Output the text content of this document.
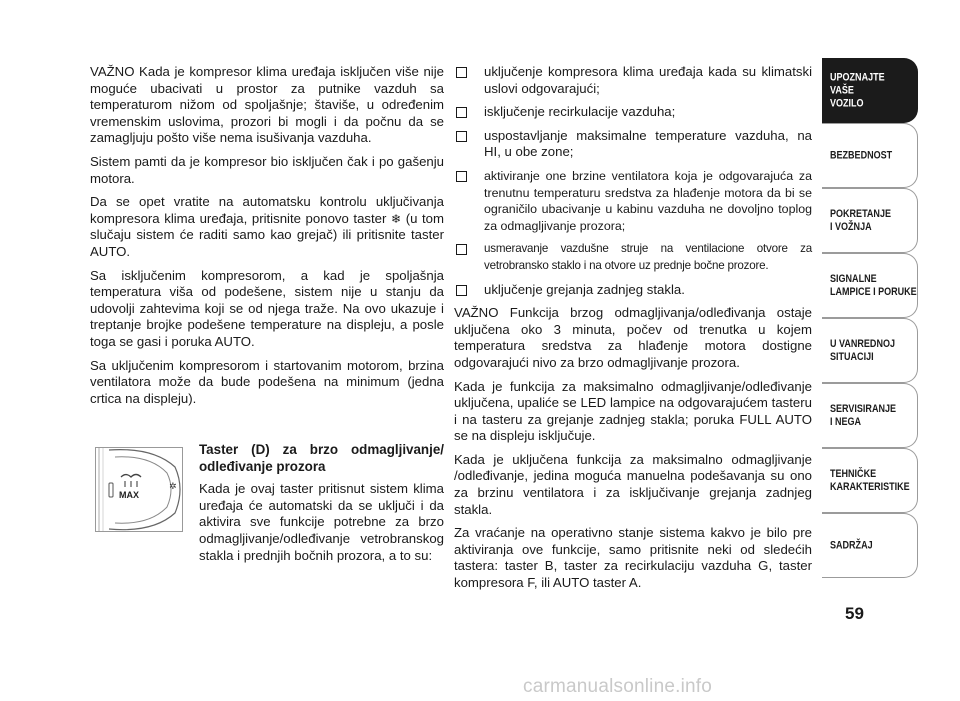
VAŽNO Kada je kompresor klima uređaja isključen više nije moguće ubacivati u prostor za putnike vazduh sa temperaturom nižom od spoljašnje; štaviše, u određenim vremenskim uslovima, prozori bi mogli i da počnu da se zamagljuju pošto više nema isušivanja vazduha.

Sistem pamti da je kompresor bio isključen čak i po gašenju motora.

Da se opet vratite na automatsku kontrolu uključivanja kompresora klima uređaja, pritisnite ponovo taster ❄ (u tom slučaju sistem će raditi samo kao grejač) ili pritisnite taster AUTO.

Sa isključenim kompresorom, a kad je spoljašnja temperatura viša od podešene, sistem nije u stanju da udovolji zahtevima koji se od njega traže. Na ovo ukazuje i treptanje brojke podešene temperature na displeju, a posle toga se gasi i poruka AUTO.

Sa uključenim kompresorom i startovanim motorom, brzina ventilatora može da bude podešena na minimum (jedna crtica na displeju).

MAX
✲
Taster (D) za brzo odmagljivanje/ odleđivanje prozora

Kada je ovaj taster pritisnut sistem klima uređaja će automatski da se uključi i da aktivira sve funkcije potrebne za brzo odmagljivanje/odleđivanje vetrobranskog stakla i prednjih bočnih prozora, a to su:

uključenje kompresora klima uređaja kada su klimatski uslovi odgovarajući;
isključenje recirkulacije vazduha;
uspostavljanje maksimalne temperature vazduha, na HI, u obe zone;
aktiviranje one brzine ventilatora koja je odgovarajuća za trenutnu temperaturu sredstva za hlađenje motora da bi se ograničilo ubacivanje u kabinu vazduha ne dovoljno toplog za odmagljivanje prozora;
usmeravanje vazdušne struje na ventilacione otvore za vetrobransko staklo i na otvore uz prednje bočne prozore.
uključenje grejanja zadnjeg stakla.

VAŽNO Funkcija brzog odmagljivanja/odleđivanja ostaje uključena oko 3 minuta, počev od trenutka u kojem temperatura sredstva za hlađenje motora dostigne odgovarajući nivo za brzo odmagljivanje prozora.

Kada je funkcija za maksimalno odmagljivanje/odleđivanje uključena, upaliće se LED lampice na odgovarajućem tasteru i na tasteru za grejanje zadnjeg stakla; poruka FULL AUTO se na displeju isključuje.

Kada je uključena funkcija za maksimalno odmagljivanje /odleđivanje, jedina moguća manuelna podešavanja su ono za brzinu ventilatora i za isključivanje grejanja zadnjeg stakla.

Za vraćanje na operativno stanje sistema kakvo je bilo pre aktiviranja ove funkcije, samo pritisnite neki od sledećih tastera: taster B, taster za recirkulaciju vazduha G, taster kompresora F, ili AUTO taster A.

UPOZNAJTE
VAŠE
VOZILO
BEZBEDNOST
POKRETANJE
I VOŽNJA
SIGNALNE
LAMPICE I PORUKE
U VANREDNOJ
SITUACIJI
SERVISIRANJE
I NEGA
TEHNIČKE
KARAKTERISTIKE
SADRŽAJ
59
carmanualsonline.info
